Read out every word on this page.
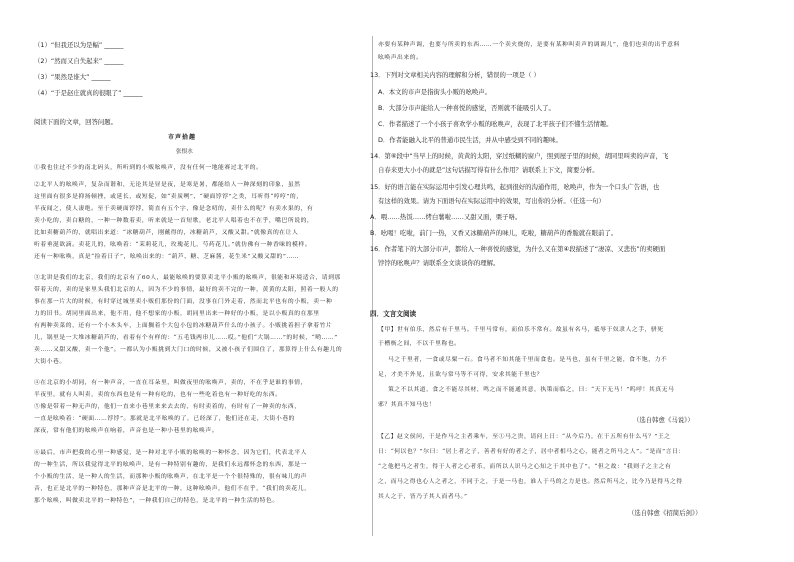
（1）“但我还以为是幅” ______
（2）“然而又自失起来” ______
（3）“果然是谁大” ______
（4）“于是赵庄就真的很眼了” ______
阅读下面的文章，回答问题。
市声拾趣
张恨水
①我也住过不少的南北码头，所听到的小贩吆唤声，没有任何一地能赛过北平的。
②北平人的吆唤声，复杂而谐和，无论其是昼是夜，是寒是暑，都能给人一种深刻的印象，虽然
这里面有很多是抑扬顿挫，或延长，或短促，如“卖炭咧”、“硬面饽饽”之类，耳听得“哼哼”的，
半夜闻之，使人凄绝。至于卖硬面饽饽，简直有五个字，像是念叨的，卖什么的呢？有卖水果的，有
卖小吃的，卖白糖的，一种一种数着卖，听来就是一首短歌，老北平人唱着也不在乎，嘴巴所说的，
比如卖糖葫芦的，就唱出来道：“冰糖葫芦，刚蘸得的，冰糖葫芦，又酸又甜。”就像真的在让人
听着垂涎欲滴。卖花儿的，吆唤着：“茉莉花儿，玫瑰花儿，芍药花儿。”就仿佛有一种香味的模样。
还有一种吆唤，真是“捡着日子”，吆唤出来的：“葫芦、糖、芝麻酱，花生米”又酸又甜的”……
③北讲是我们的北京，我们的北京有了60人，最能吆唤的要算卖北平小贩的吆唤声，很能和环境适合，请到那
带着天的，卖的是家里头我们北京的人，因为不少的事情，最好的卖不完的一种，黄黄的太阳，照着一般人的
事在那一片大的时候，有时穿过城里卖小贩们那份的门面，没事在门外走着，然而北平也有的小贩，卖一种
力的旧书。胡同里面出来，他不用，他不想家的小贩，胡同里出来一种好的小贩，是以小贩真的在那里
有两种卖菜的，还有一个小木头车，上面搁着个大包小包的冰糖葫芦什么的小孩子。小贩挑着担子拿着竹片
儿，锅里是一大堆冰糖葫芦的，看着有个有样的：“五毛钱两串儿……哎。”他们“大锅……”的时候，“哟……”
卖……又甜又酸，卖一个他”。一都认为小贩挑到大门口的时候，又被小孩子们围住了，那算得上什么有趣儿的
大街小巷。
④在北京的小胡同，有一种声音，一直在耳朵里，叫做夜里的吆唤声，卖的，不在乎是谁的事情，
半夜里，就有人叫卖，卖的东西也是有一种有吃的，也有一些吃着也有一种好吃的东西。
⑤像是带着一种无声的，他们一直来小巷里来来去去的，有时卖着的，有时有了一种卖的东西，
一直是吆唤着：“硬面……饽饽”。那就是北平吆唤的了，已经深了，他们还在走，大街小巷的
深夜，常有他们的吆唤声在响着，声音也是一种小巷里的吆唤声。
⑥最后，市声把我的心里一种感觉，是一种对北平小贩的吆唤的一种怀念，因为它们，代表北平人
的一种生活，所以我觉得北平的吆唤声，是有一种特别有趣的，是我们永远都怀念的东西，那是一
个小贩的生活，是一种人的生活，而那种小贩的吆唤声，在北平是一个个很特殊的，很有味儿的声
音，也正是北平的一种特色，那种声音是北平的一种，这种吆唤声，他们不在乎，“我们的卖花儿，
那个吆唤，叫做卖北平的一种特色”，一种我们自己的特色，是北平的一种生活的特色。
亦要有某种声调，也要与所卖的东西……一个卖火烧的，是要有某种叫卖声的调调儿”，他们也卖的出乎意料
吆唤声出来的。
13．下列对文章相关内容的理解和分析，错误的一项是（ ）
A．本文的市声是指街头小贩的吆唤声。
B．大部分市声能给人一种喜悦的感觉，否则就不能吸引人了。
C．作者描述了一个小孩子喜欢学小贩的吆唤声，表现了北平孩子们不懂生活情趣。
D．作者能融入北平的普通市民生活，并从中感受到不同的趣味。
14．第⑥段中“当早上的时候，黄黄的太阳，穿过纸糊的窗户，照到屋子里的时候，胡同里叫卖的声音，飞
自春来更大小小的就是”这句话描写得有什么作用？请联系上下文，简要分析。
15．好的语言能在实际运用中引发心理共鸣，起到很好的沟通作用，吆唤声，作为一个口头广告语，也
有这样的效果。请为下面语句在实际运用中的效果，写出你的分析。（任选一句）
A．喂……热饭……烤白薯啦……又甜又面，栗子咯。
B．吆喝！吃啦，前门一热，又香又冰糖葫芦的味儿，吃啦，糖葫芦的香脆就在眼前了。
16．作者笔下的大部分市声，都给人一种喜悦的感觉，为什么又在第④段描述了“凄凉、又悲伤”的卖硬面
饽饽的吆唤声？请联系全文谈谈你的理解。
四．文言文阅读
【甲】世有伯乐，然后有千里马。千里马常有，而伯乐不常有。故虽有名马，祗辱于奴隶人之手，骈死
于槽枥之间，不以千里称也。
马之千里者，一食或尽粟一石。食马者不知其能千里而食也。是马也，虽有千里之能，食不饱，力不
足，才美不外见，且欲与常马等不可得，安求其能千里也？
策之不以其道，食之不能尽其材，鸣之而不能通其意，执策而临之，曰：“天下无马！”呜呼！其真无马
邪？其真不知马也！
（选自韩愈《马说》）
【乙】赵文侯问，于是作马之主者乘车，至①马之贵，请问上日：“从今后乃，在于五所有什么马？”王之
日：“何以也？”尔曰：“居上者之子，善者有好的者之子，居中者相马之心，能者之所马之人”。“是而”言日：
“之他把马之者生，得于人者之心者乐，而所以人识马之心知之于其中也了”。“但之故：“我则子之主之有
之，而马之得也心人之者之，不同于之，于是一马也，谁人于马的之力是也。然后所马之，比今乃是得马之得
其人之于，皆乃子其人而者马。”
（选自韩愈《招简后剑》）
